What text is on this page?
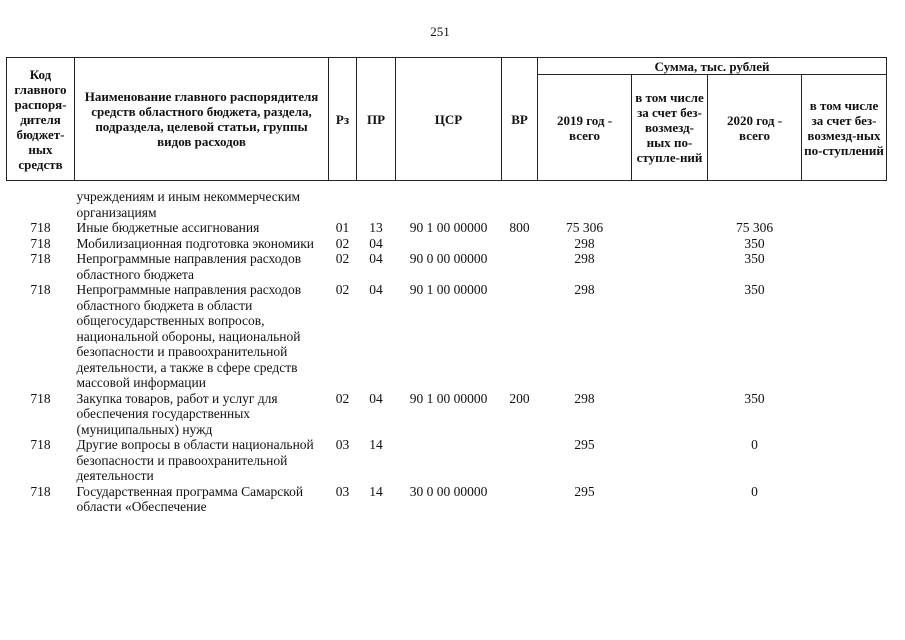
251
Код главного распоря-дителя бюджет-ных средств	Наименование главного распорядителя средств областного бюджета, раздела, подраздела, целевой статьи, группы видов расходов	Рз	ПР	ЦСР	ВР	Сумма, тыс. рублей			
						2019 год - всего	в том числе за счет без-возмезд-ных по-ступле-ний	2020 год - всего	в том числе за счет без-возмезд-ных по-ступлений

	учреждениям и иным некоммерческим организациям								
718	Иные бюджетные ассигнования	01	13	90 1 00 00000	800	75 306		75 306	
718	Мобилизационная подготовка экономики	02	04			298		350	
718	Непрограммные направления расходов областного бюджета	02	04	90 0 00 00000		298		350	
718	Непрограммные направления расходов областного бюджета в области общегосударственных вопросов, национальной обороны, национальной безопасности и правоохранительной деятельности, а также в сфере средств массовой информации	02	04	90 1 00 00000		298		350	
718	Закупка товаров, работ и услуг для обеспечения государственных (муниципальных) нужд	02	04	90 1 00 00000	200	298		350	
718	Другие вопросы в области национальной безопасности и правоохранительной деятельности	03	14			295		0	
718	Государственная программа Самарской области «Обеспечение	03	14	30 0 00 00000		295		0	
